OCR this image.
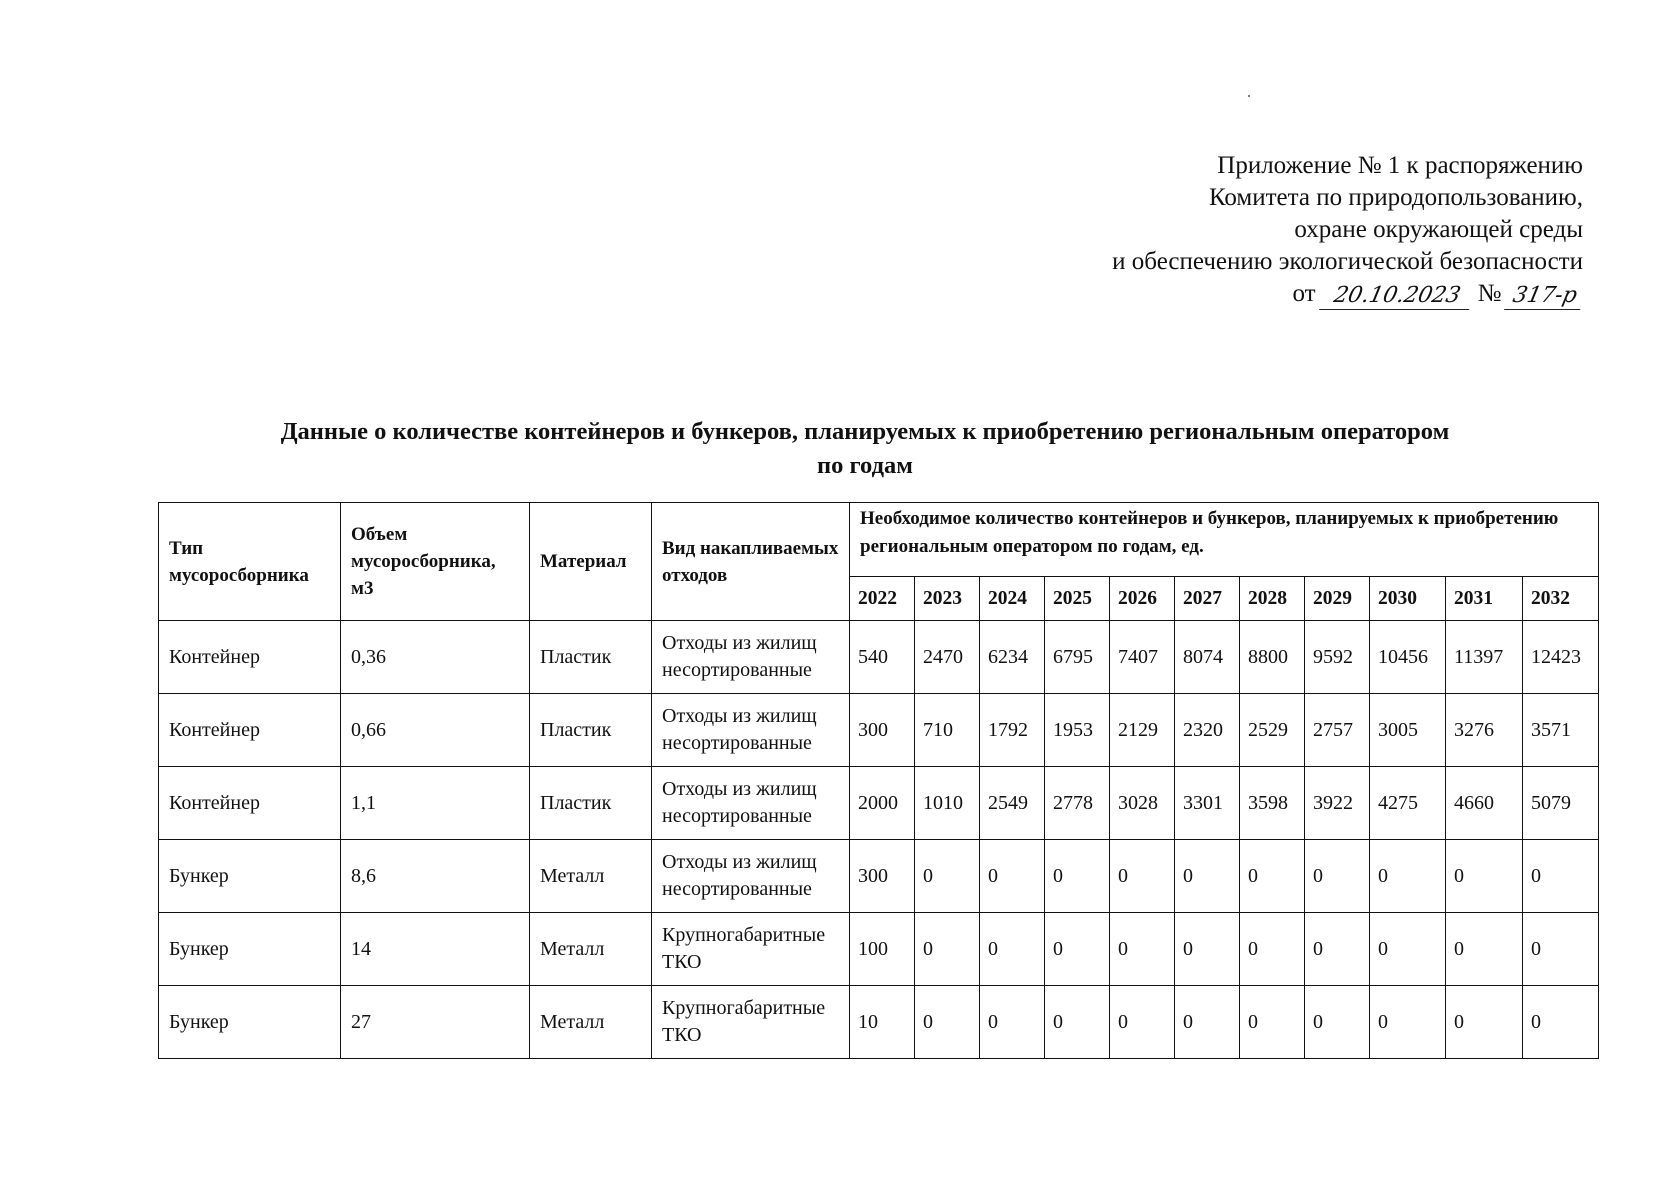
Приложение № 1 к распоряжению
Комитета по природопользованию,
охране окружающей среды
и обеспечению экологической безопасности
от 20.10.2023 № 317-р
Данные о количестве контейнеров и бункеров, планируемых к приобретению региональным оператором
по годам
Тип мусоросборника	Объем мусоросборника, м3	Материал	Вид накапливаемых отходов	Необходимое количество контейнеров и бункеров, планируемых к приобретению региональным оператором по годам, ед.										
				2022	2023	2024	2025	2026	2027	2028	2029	2030	2031	2032
Контейнер	0,36	Пластик	Отходы из жилищ несортированные	540	2470	6234	6795	7407	8074	8800	9592	10456	11397	12423
Контейнер	0,66	Пластик	Отходы из жилищ несортированные	300	710	1792	1953	2129	2320	2529	2757	3005	3276	3571
Контейнер	1,1	Пластик	Отходы из жилищ несортированные	2000	1010	2549	2778	3028	3301	3598	3922	4275	4660	5079
Бункер	8,6	Металл	Отходы из жилищ несортированные	300	0	0	0	0	0	0	0	0	0	0
Бункер	14	Металл	Крупногабаритные ТКО	100	0	0	0	0	0	0	0	0	0	0
Бункер	27	Металл	Крупногабаритные ТКО	10	0	0	0	0	0	0	0	0	0	0
